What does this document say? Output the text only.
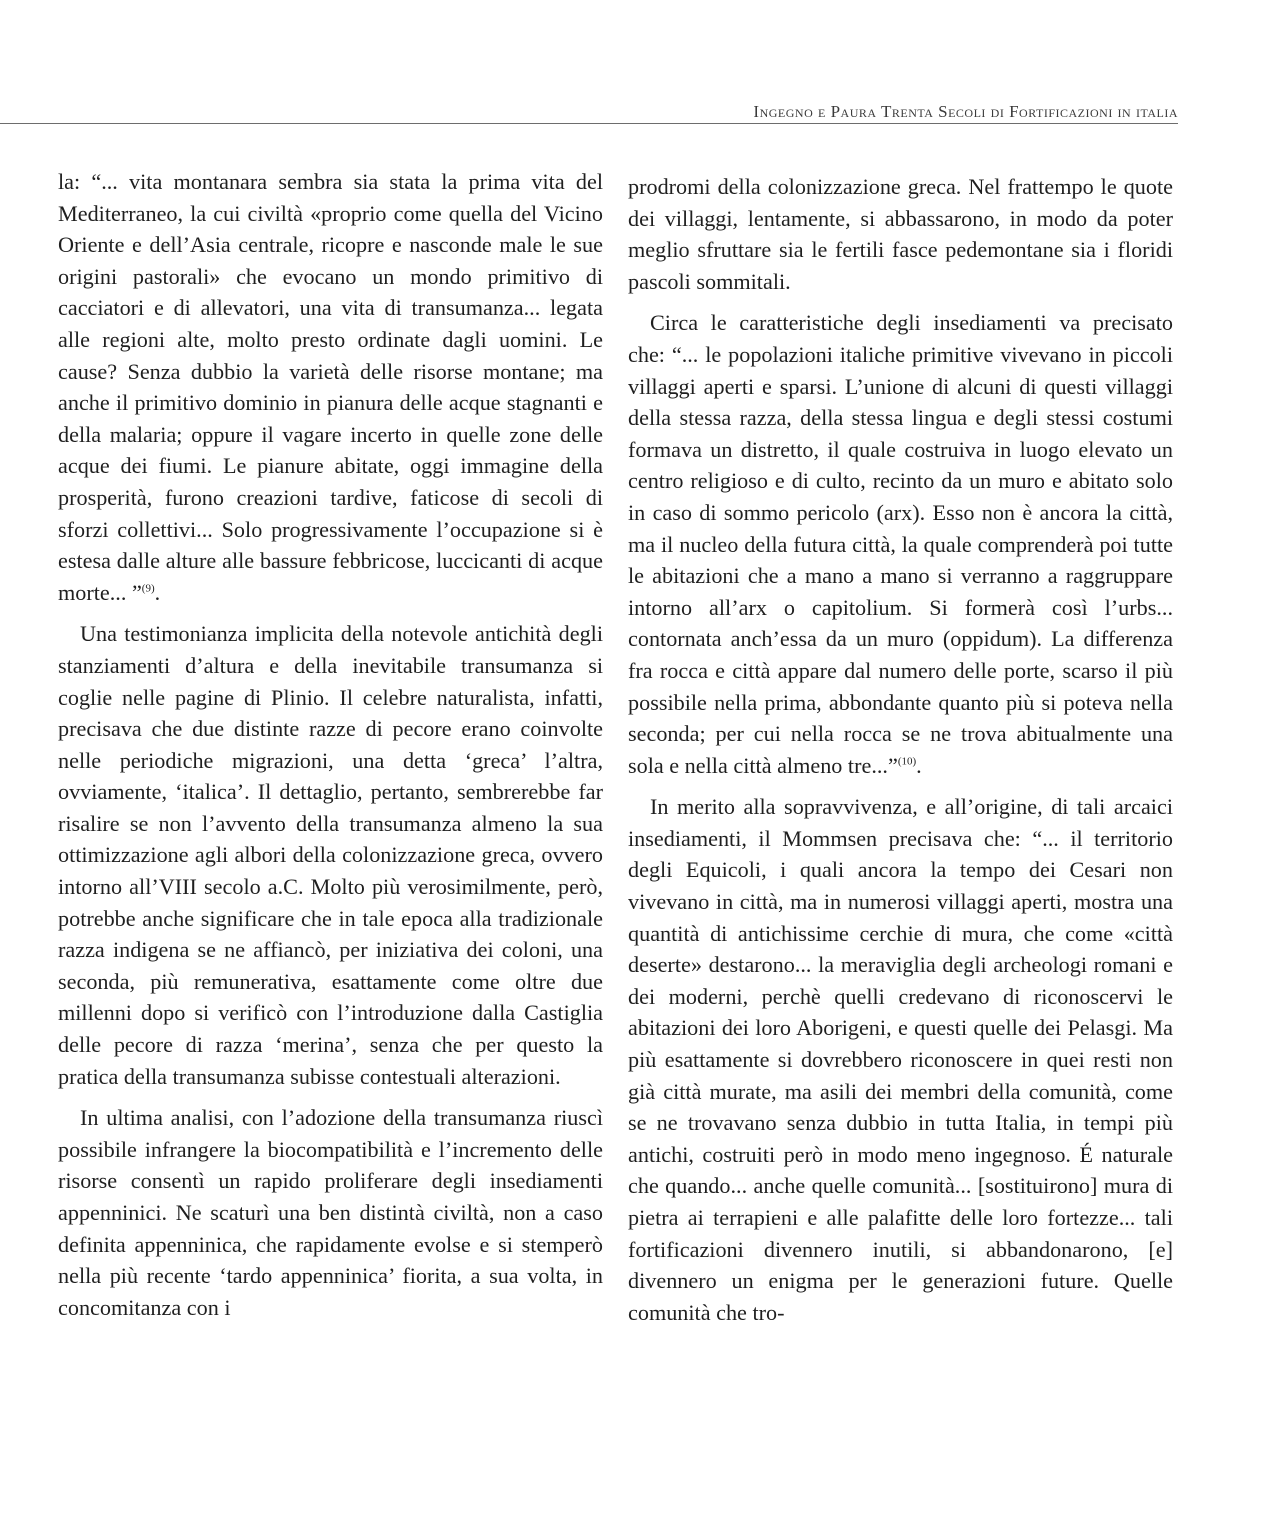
Ingegno e Paura Trenta Secoli di Fortificazioni in italia

la: “... vita montanara sembra sia stata la prima vita del Mediterraneo, la cui civiltà «proprio come quella del Vicino Oriente e dell’Asia centrale, ricopre e nasconde male le sue origini pastorali» che evocano un mondo primitivo di cacciatori e di allevatori, una vita di transumanza... legata alle regioni alte, molto presto ordinate dagli uomini. Le cause? Senza dubbio la varietà delle risorse montane; ma anche il primitivo dominio in pianura delle acque stagnanti e della malaria; oppure il vagare incerto in quelle zone delle acque dei fiumi. Le pianure abitate, oggi immagine della prosperità, furono creazioni tardive, faticose di secoli di sforzi collettivi... Solo progressivamente l’occupazione si è estesa dalle alture alle bassure febbricose, luccicanti di acque morte... ”$^{(9)}$.

Una testimonianza implicita della notevole antichità degli stanziamenti d’altura e della inevitabile transumanza si coglie nelle pagine di Plinio. Il celebre naturalista, infatti, precisava che due distinte razze di pecore erano coinvolte nelle periodiche migrazioni, una detta ‘greca’ l’altra, ovviamente, ‘italica’. Il dettaglio, pertanto, sembrerebbe far risalire se non l’avvento della transumanza almeno la sua ottimizzazione agli albori della colonizzazione greca, ovvero intorno all’VIII secolo a.C. Molto più verosimilmente, però, potrebbe anche significare che in tale epoca alla tradizionale razza indigena se ne affiancò, per iniziativa dei coloni, una seconda, più remunerativa, esattamente come oltre due millenni dopo si verificò con l’introduzione dalla Castiglia delle pecore di razza ‘merina’, senza che per questo la pratica della transumanza subisse contestuali alterazioni.

In ultima analisi, con l’adozione della transumanza riuscì possibile infrangere la biocompatibilità e l’incremento delle risorse consentì un rapido proliferare degli insediamenti appenninici. Ne scaturì una ben distintà civiltà, non a caso definita appenninica, che rapidamente evolse e si stemperò nella più recente ‘tardo appenninica’ fiorita, a sua volta, in concomitanza con i

prodromi della colonizzazione greca. Nel frattempo le quote dei villaggi, lentamente, si abbassarono, in modo da poter meglio sfruttare sia le fertili fasce pedemontane sia i floridi pascoli sommitali.

Circa le caratteristiche degli insediamenti va precisato che: “... le popolazioni italiche primitive vivevano in piccoli villaggi aperti e sparsi. L’unione di alcuni di questi villaggi della stessa razza, della stessa lingua e degli stessi costumi formava un distretto, il quale costruiva in luogo elevato un centro religioso e di culto, recinto da un muro e abitato solo in caso di sommo pericolo (arx). Esso non è ancora la città, ma il nucleo della futura città, la quale comprenderà poi tutte le abitazioni che a mano a mano si verranno a raggruppare intorno all’arx o capitolium. Si formerà così l’urbs... contornata anch’essa da un muro (oppidum). La differenza fra rocca e città appare dal numero delle porte, scarso il più possibile nella prima, abbondante quanto più si poteva nella seconda; per cui nella rocca se ne trova abitualmente una sola e nella città almeno tre...”$^{(10)}$.

In merito alla sopravvivenza, e all’origine, di tali arcaici insediamenti, il Mommsen precisava che: “... il territorio degli Equicoli, i quali ancora la tempo dei Cesari non vivevano in città, ma in numerosi villaggi aperti, mostra una quantità di antichissime cerchie di mura, che come «città deserte» destarono... la meraviglia degli archeologi romani e dei moderni, perchè quelli credevano di riconoscervi le abitazioni dei loro Aborigeni, e questi quelle dei Pelasgi. Ma più esattamente si dovrebbero riconoscere in quei resti non già città murate, ma asili dei membri della comunità, come se ne trovavano senza dubbio in tutta Italia, in tempi più antichi, costruiti però in modo meno ingegnoso. É naturale che quando... anche quelle comunità... [sostituirono] mura di pietra ai terrapieni e alle palafitte delle loro fortezze... tali fortificazioni divennero inutili, si abbandonarono, [e] divennero un enigma per le generazioni future. Quelle comunità che tro-
